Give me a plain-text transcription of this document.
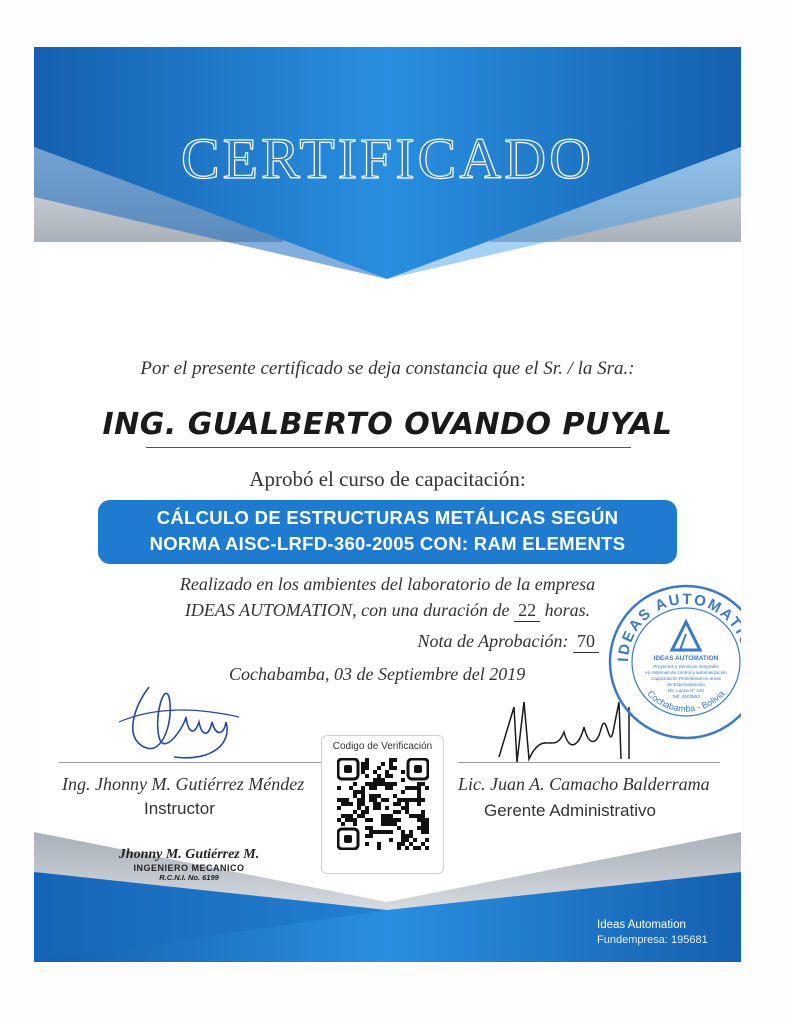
CERTIFICADO
Por el presente certificado se deja constancia que el Sr. / la Sra.:
ING. GUALBERTO OVANDO PUYAL
Aprobó el curso de capacitación:
CÁLCULO DE ESTRUCTURAS METÁLICAS SEGÚN
NORMA AISC-LRFD-360-2005 CON: RAM ELEMENTS
Realizado en los ambientes del laboratorio de la empresa
IDEAS AUTOMATION, con una duración de 22 horas.
Nota de Aprobación: 70
Cochabamba, 03 de Septiembre del 2019
Ing. Jhonny M. Gutiérrez Méndez
Instructor
Lic. Juan A. Camacho Balderrama
Gerente Administrativo
Codigo de Verificación
IDEAS AUTOMATION
Cochabamba - Bolivia
IDEAS AUTOMATION
Proyectos y Servicios Integrales
en sistemas de control y automatización
Capacitación Profesional en áreas
de Especialización
Dir. Lanza Nº 434
Telf. 4503863
Jhonny M. Gutiérrez M.
INGENIERO MECANICO
R.C.N.I. No. 6199
Ideas Automation
Fundempresa: 195681
